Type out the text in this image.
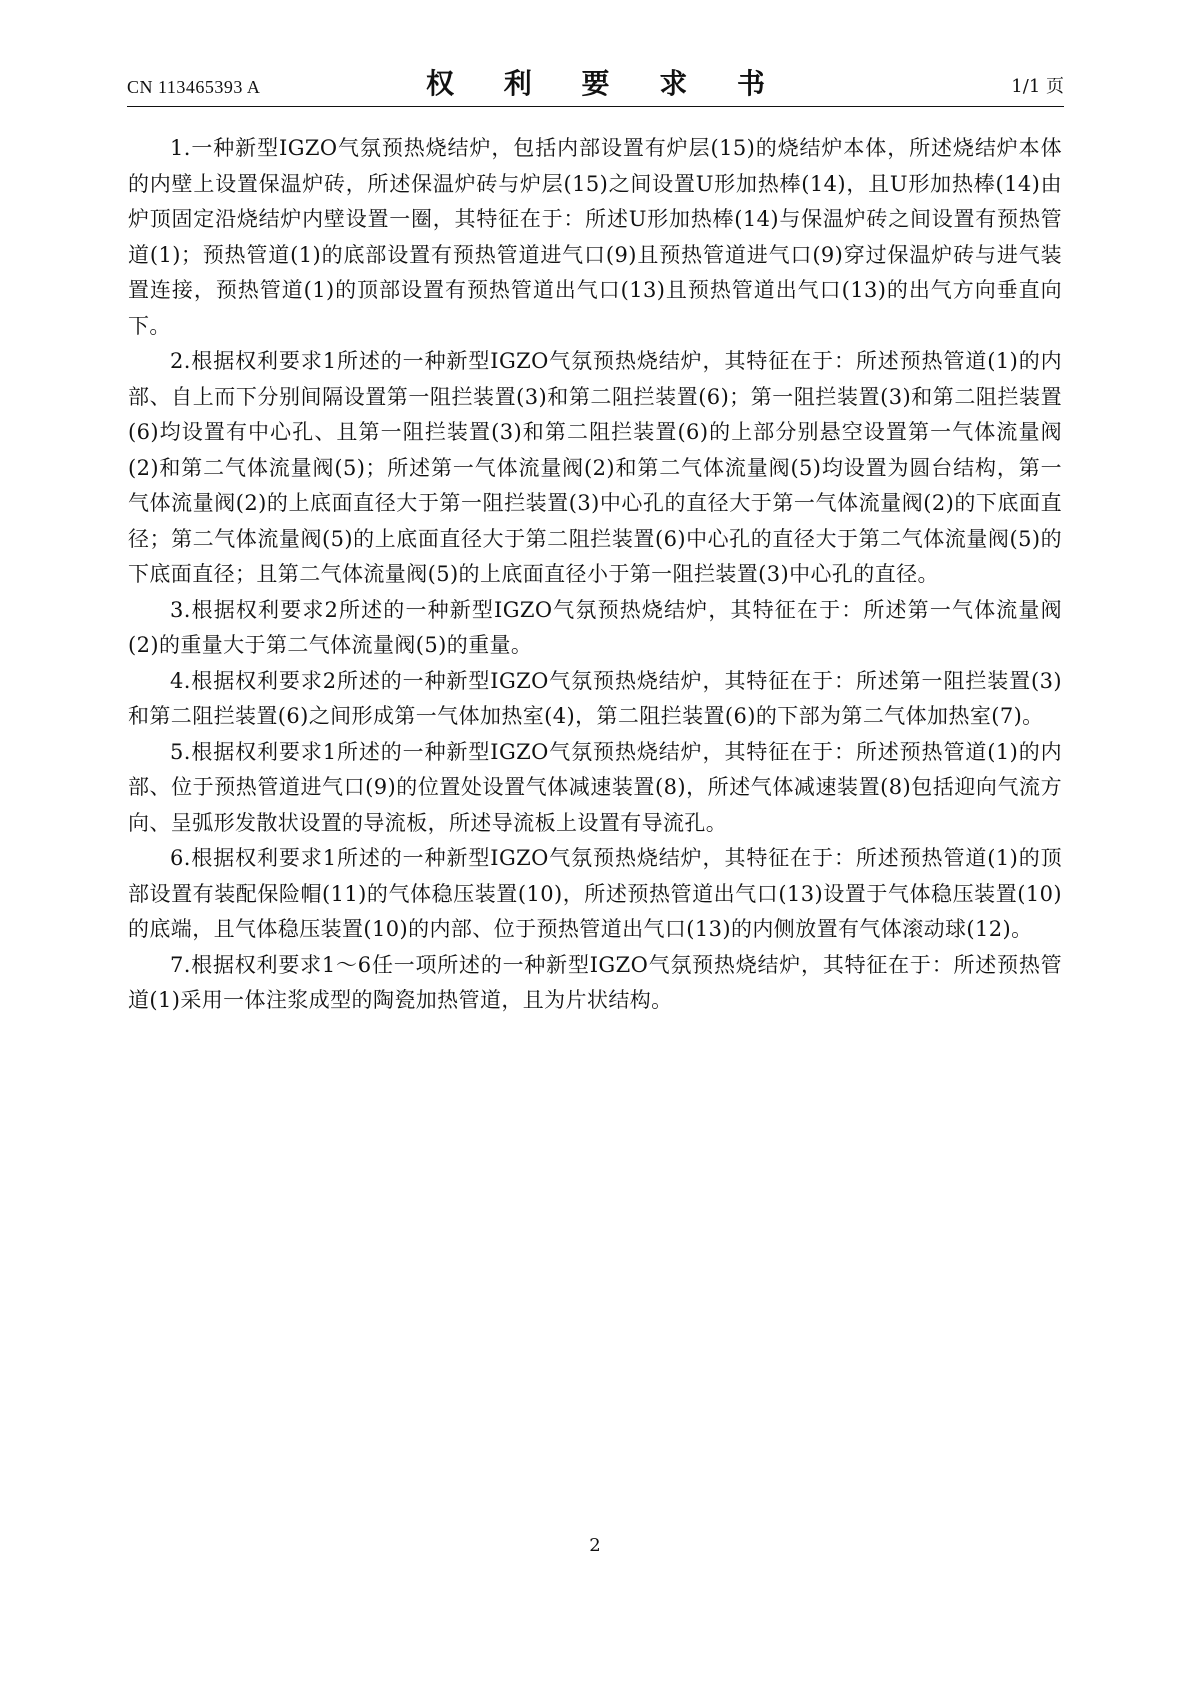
CN 113465393 A	权 利 要 求 书	1/1 页

1.一种新型IGZO气氛预热烧结炉，包括内部设置有炉层(15)的烧结炉本体，所述烧结炉本体的内壁上设置保温炉砖，所述保温炉砖与炉层(15)之间设置U形加热棒(14)，且U形加热棒(14)由炉顶固定沿烧结炉内壁设置一圈，其特征在于：所述U形加热棒(14)与保温炉砖之间设置有预热管道(1)；预热管道(1)的底部设置有预热管道进气口(9)且预热管道进气口(9)穿过保温炉砖与进气装置连接，预热管道(1)的顶部设置有预热管道出气口(13)且预热管道出气口(13)的出气方向垂直向下。

2.根据权利要求1所述的一种新型IGZO气氛预热烧结炉，其特征在于：所述预热管道(1)的内部、自上而下分别间隔设置第一阻拦装置(3)和第二阻拦装置(6)；第一阻拦装置(3)和第二阻拦装置(6)均设置有中心孔、且第一阻拦装置(3)和第二阻拦装置(6)的上部分别悬空设置第一气体流量阀(2)和第二气体流量阀(5)；所述第一气体流量阀(2)和第二气体流量阀(5)均设置为圆台结构，第一气体流量阀(2)的上底面直径大于第一阻拦装置(3)中心孔的直径大于第一气体流量阀(2)的下底面直径；第二气体流量阀(5)的上底面直径大于第二阻拦装置(6)中心孔的直径大于第二气体流量阀(5)的下底面直径；且第二气体流量阀(5)的上底面直径小于第一阻拦装置(3)中心孔的直径。

3.根据权利要求2所述的一种新型IGZO气氛预热烧结炉，其特征在于：所述第一气体流量阀(2)的重量大于第二气体流量阀(5)的重量。

4.根据权利要求2所述的一种新型IGZO气氛预热烧结炉，其特征在于：所述第一阻拦装置(3)和第二阻拦装置(6)之间形成第一气体加热室(4)，第二阻拦装置(6)的下部为第二气体加热室(7)。

5.根据权利要求1所述的一种新型IGZO气氛预热烧结炉，其特征在于：所述预热管道(1)的内部、位于预热管道进气口(9)的位置处设置气体减速装置(8)，所述气体减速装置(8)包括迎向气流方向、呈弧形发散状设置的导流板，所述导流板上设置有导流孔。

6.根据权利要求1所述的一种新型IGZO气氛预热烧结炉，其特征在于：所述预热管道(1)的顶部设置有装配保险帽(11)的气体稳压装置(10)，所述预热管道出气口(13)设置于气体稳压装置(10)的底端，且气体稳压装置(10)的内部、位于预热管道出气口(13)的内侧放置有气体滚动球(12)。

7.根据权利要求1～6任一项所述的一种新型IGZO气氛预热烧结炉，其特征在于：所述预热管道(1)采用一体注浆成型的陶瓷加热管道，且为片状结构。

2
